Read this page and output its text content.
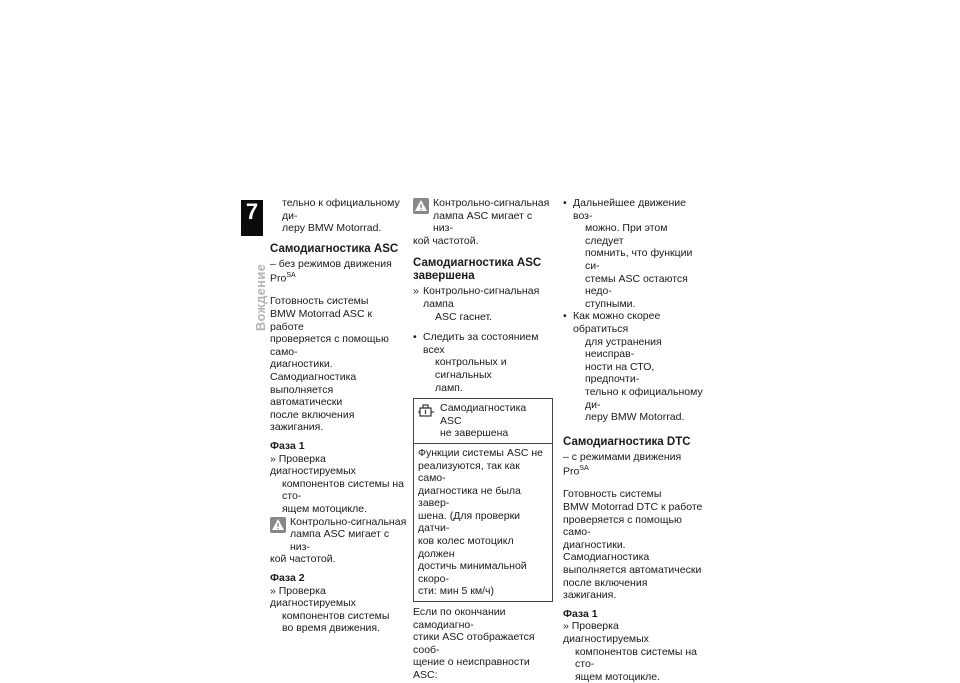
7
158
Вождение
тельно к официальному ди-
леру BMW Motorrad.
Самодиагностика ASC
– без режимов движения Pro$^{SA}$
Готовность системы
BMW Motorrad ASC к работе
проверяется с помощью само-
диагностики. Самодиагностика
выполняется автоматически
после включения зажигания.
Фаза 1
» Проверка диагностируемых
компонентов системы на сто-
ящем мотоцикле.
Контрольно-сигнальная
лампа ASC мигает с низ-
кой частотой.
Фаза 2
» Проверка диагностируемых
компонентов системы
во время движения.
Контрольно-сигнальная
лампа ASC мигает с низ-
кой частотой.
Самодиагностика ASC
завершена
» Контрольно-сигнальная лампа
ASC гаснет.
• Следить за состоянием всех
контрольных и сигнальных
ламп.
Самодиагностика ASC
не завершена
Функции системы ASC не
реализуются, так как само-
диагностика не была завер-
шена. (Для проверки датчи-
ков колес мотоцикл должен
достичь минимальной скоро-
сти: мин 5 км/ч)
Если по окончании самодиагно-
стики ASC отображается сооб-
щение о неисправности ASC:
• Дальнейшее движение воз-
можно. При этом следует
помнить, что функции си-
стемы ASC остаются недо-
ступными.
• Как можно скорее обратиться
для устранения неисправ-
ности на СТО, предпочти-
тельно к официальному ди-
леру BMW Motorrad.
Самодиагностика DTC
– с режимами движения Pro$^{SA}$
Готовность системы
BMW Motorrad DTC к работе
проверяется с помощью само-
диагностики. Самодиагностика
выполняется автоматически
после включения зажигания.
Фаза 1
» Проверка диагностируемых
компонентов системы на сто-
ящем мотоцикле.
